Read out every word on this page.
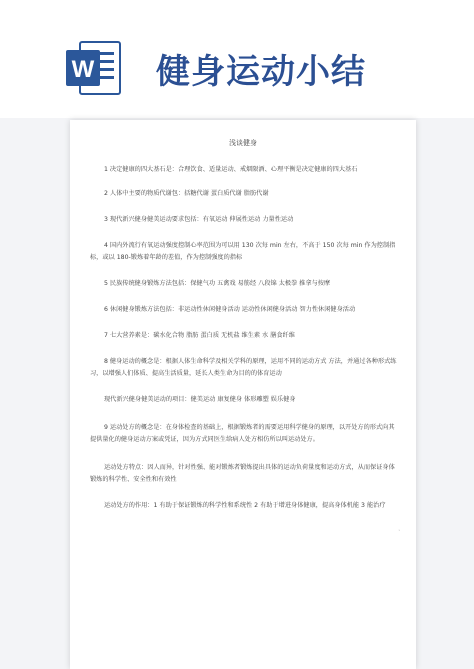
W 健身运动小结
浅谈健身
1 决定健康的四大基石是：合理饮食、适量运动、戒烟限酒、心理平衡是决定健康的四大基石
2 人体中主要的物质代谢包：括糖代谢 蛋白质代谢 脂肪代谢
3 现代新兴健身健美运动要求包括：有氧运动 伸展性运动 力量性运动
4 国内外流行有氧运动强度控制心率范围为可以用 130 次每 min 左右，不高于 150 次每 min 作为控制指标，或以 180-锻炼着年龄的差值，作为控制强度的指标
5 民族传统健身锻炼方法包括：保健气功 五禽戏 易筋经 八段锦 太极拳 推拿与按摩
6 休闲健身锻炼方法包括：非运动性休闲健身活动 运动性休闲健身活动 智力性休闲健身活动
7 七大营养素是：碳水化合物 脂肪 蛋白质 无机盐 维生素 水 膳食纤维
8 健身运动的概念是：根据人体生命科学及相关学科的原理，运用不同的运动方式 方法，并通过各种形式练习，以增强人们体质、提高生活质量，延长人类生命为目的的体育运动
现代新兴健身健美运动的项目：健美运动 康复健身 体形雕塑 娱乐健身
9 运动处方的概念是：在身体检查的基础上，根据锻炼者的需要运用科学健身的原理，以开处方的形式向其提供量化的健身运动方案或凭证，因为方式同医生给病人处方相仿所以叫运动处方。
运动处方特点：因人而异，针对性强、能对锻炼者锻炼提出具体的运动负荷量度和运动方式，从而保证身体锻炼的科学性、安全性和有效性
运动处方的作用：1 有助于保证锻炼的科学性和系统性 2 有助于增进身体健康，提高身体机能 3 能治疗
˒
